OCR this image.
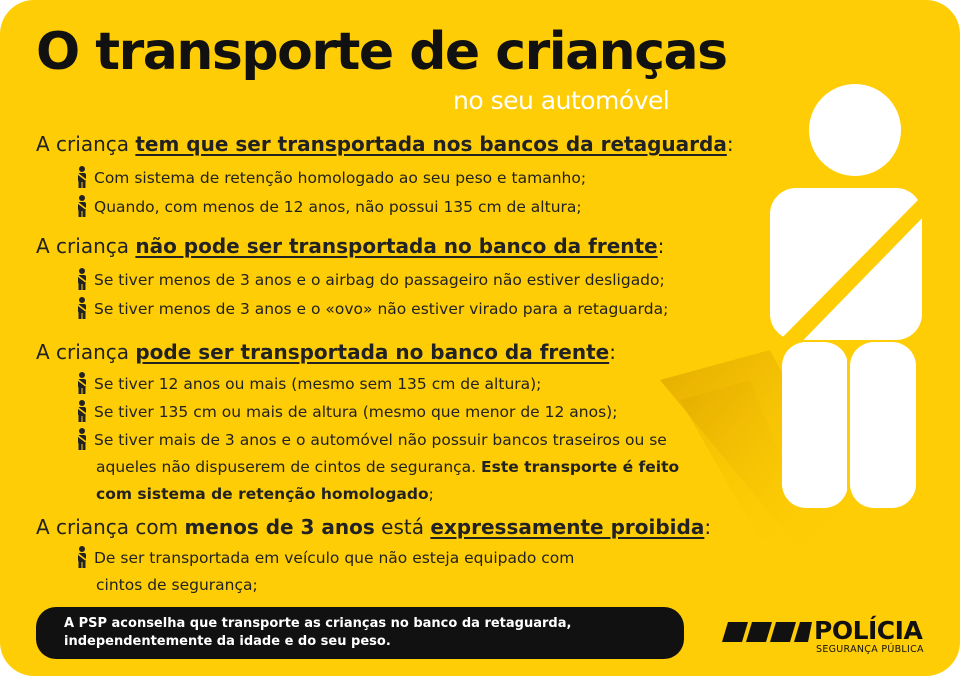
O transporte de crianças
no seu automóvel
A criança tem que ser transportada nos bancos da retaguarda:
Com sistema de retenção homologado ao seu peso e tamanho;
Quando, com menos de 12 anos, não possui 135 cm de altura;
A criança não pode ser transportada no banco da frente:
Se tiver menos de 3 anos e o airbag do passageiro não estiver desligado;
Se tiver menos de 3 anos e o «ovo» não estiver virado para a retaguarda;
A criança pode ser transportada no banco da frente:
Se tiver 12 anos ou mais (mesmo sem 135 cm de altura);
Se tiver 135 cm ou mais de altura (mesmo que menor de 12 anos);
Se tiver mais de 3 anos e o automóvel não possuir bancos traseiros ou se
aqueles não dispuserem de cintos de segurança. Este transporte é feito
com sistema de retenção homologado;
A criança com menos de 3 anos está expressamente proibida:
De ser transportada em veículo que não esteja equipado com
cintos de segurança;
A PSP aconselha que transporte as crianças no banco da retaguarda, independentemente da idade e do seu peso.	POLÍCIA
SEGURANÇA PÚBLICA
